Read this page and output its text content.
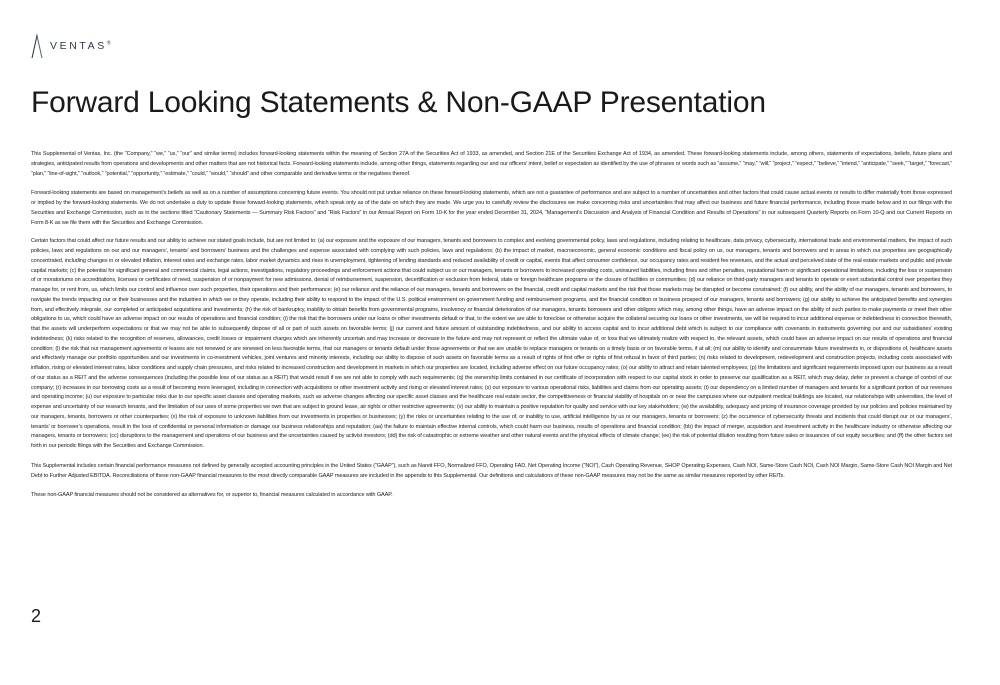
VENTAS®
Forward Looking Statements & Non-GAAP Presentation

This Supplemental of Ventas, Inc. (the “Company,” “we,” “us,” “our” and similar terms) includes forward-looking statements within the meaning of Section 27A of the Securities Act of 1933, as amended, and Section 21E of the Securities Exchange Act of 1934, as amended. These forward-looking statements include, among others, statements of expectations, beliefs, future plans and strategies, anticipated results from operations and developments and other matters that are not historical facts. Forward-looking statements include, among other things, statements regarding our and our officers’ intent, belief or expectation as identified by the use of phrases or words such as “assume,” “may,” “will,” “project,” “expect,” “believe,” “intend,” “anticipate,” “seek,” “target,” “forecast,” “plan,” “line-of-sight,” “outlook,” “potential,” “opportunity,” “estimate,” “could,” “would,” “should” and other comparable and derivative terms or the negatives thereof.

Forward-looking statements are based on management’s beliefs as well as on a number of assumptions concerning future events. You should not put undue reliance on these forward-looking statements, which are not a guarantee of performance and are subject to a number of uncertainties and other factors that could cause actual events or results to differ materially from those expressed or implied by the forward-looking statements. We do not undertake a duty to update these forward-looking statements, which speak only as of the date on which they are made. We urge you to carefully review the disclosures we make concerning risks and uncertainties that may affect our business and future financial performance, including those made below and in our filings with the Securities and Exchange Commission, such as in the sections titled “Cautionary Statements — Summary Risk Factors” and “Risk Factors” in our Annual Report on Form 10-K for the year ended December 31, 2024, “Management’s Discussion and Analysis of Financial Condition and Results of Operations” in our subsequent Quarterly Reports on Form 10-Q and our Current Reports on Form 8-K as we file them with the Securities and Exchange Commission.

Certain factors that could affect our future results and our ability to achieve our stated goals include, but are not limited to: (a) our exposure and the exposure of our managers, tenants and borrowers to complex and evolving governmental policy, laws and regulations, including relating to healthcare, data privacy, cybersecurity, international trade and environmental matters, the impact of such policies, laws and regulations on our and our managers’, tenants’ and borrowers’ business and the challenges and expense associated with complying with such policies, laws and regulations; (b) the impact of market, macroeconomic, general economic conditions and fiscal policy on us, our managers, tenants and borrowers and in areas in which our properties are geographically concentrated, including changes in or elevated inflation, interest rates and exchange rates, labor market dynamics and rises in unemployment, tightening of lending standards and reduced availability of credit or capital, events that affect consumer confidence, our occupancy rates and resident fee revenues, and the actual and perceived state of the real estate markets and public and private capital markets; (c) the potential for significant general and commercial claims, legal actions, investigations, regulatory proceedings and enforcement actions that could subject us or our managers, tenants or borrowers to increased operating costs, uninsured liabilities, including fines and other penalties, reputational harm or significant operational limitations, including the loss or suspension of or moratoriums on accreditations, licenses or certificates of need, suspension of or nonpayment for new admissions, denial of reimbursement, suspension, decertification or exclusion from federal, state or foreign healthcare programs or the closure of facilities or communities; (d) our reliance on third-party managers and tenants to operate or exert substantial control over properties they manage for, or rent from, us, which limits our control and influence over such properties, their operations and their performance; (e) our reliance and the reliance of our managers, tenants and borrowers on the financial, credit and capital markets and the risk that those markets may be disrupted or become constrained; (f) our ability, and the ability of our managers, tenants and borrowers, to navigate the trends impacting our or their businesses and the industries in which we or they operate, including their ability to respond to the impact of the U.S. political environment on government funding and reimbursement programs, and the financial condition or business prospect of our managers, tenants and borrowers; (g) our ability to achieve the anticipated benefits and synergies from, and effectively integrate, our completed or anticipated acquisitions and investments; (h) the risk of bankruptcy, inability to obtain benefits from governmental programs, insolvency or financial deterioration of our managers, tenants borrowers and other obligors which may, among other things, have an adverse impact on the ability of such parties to make payments or meet their other obligations to us, which could have an adverse impact on our results of operations and financial condition; (i) the risk that the borrowers under our loans or other investments default or that, to the extent we are able to foreclose or otherwise acquire the collateral securing our loans or other investments, we will be required to incur additional expense or indebtedness in connection therewith, that the assets will underperform expectations or that we may not be able to subsequently dispose of all or part of such assets on favorable terms; (j) our current and future amount of outstanding indebtedness, and our ability to access capital and to incur additional debt which is subject to our compliance with covenants in instruments governing our and our subsidiaries’ existing indebtedness; (k) risks related to the recognition of reserves, allowances, credit losses or impairment charges which are inherently uncertain and may increase or decrease in the future and may not represent or reflect the ultimate value of, or loss that we ultimately realize with respect to, the relevant assets, which could have an adverse impact on our results of operations and financial condition; (l) the risk that our management agreements or leases are not renewed or are renewed on less favorable terms, that our managers or tenants default under those agreements or that we are unable to replace managers or tenants on a timely basis or on favorable terms, if at all; (m) our ability to identify and consummate future investments in, or dispositions of, healthcare assets and effectively manage our portfolio opportunities and our investments in co-investment vehicles, joint ventures and minority interests, including our ability to dispose of such assets on favorable terms as a result of rights of first offer or rights of first refusal in favor of third parties; (n) risks related to development, redevelopment and construction projects, including costs associated with inflation, rising or elevated interest rates, labor conditions and supply chain pressures, and risks related to increased construction and development in markets in which our properties are located, including adverse effect on our future occupancy rates; (o) our ability to attract and retain talented employees; (p) the limitations and significant requirements imposed upon our business as a result of our status as a REIT and the adverse consequences (including the possible loss of our status as a REIT) that would result if we are not able to comply with such requirements; (q) the ownership limits contained in our certificate of incorporation with respect to our capital stock in order to preserve our qualification as a REIT, which may delay, defer or prevent a change of control of our company; (r) increases in our borrowing costs as a result of becoming more leveraged, including in connection with acquisitions or other investment activity and rising or elevated interest rates; (s) our exposure to various operational risks, liabilities and claims from our operating assets; (t) our dependency on a limited number of managers and tenants for a significant portion of our revenues and operating income; (u) our exposure to particular risks due to our specific asset classes and operating markets, such as adverse changes affecting our specific asset classes and the healthcare real estate sector, the competitiveness or financial viability of hospitals on or near the campuses where our outpatient medical buildings are located, our relationships with universities, the level of expense and uncertainty of our research tenants, and the limitation of our uses of some properties we own that are subject to ground lease, air rights or other restrictive agreements; (v) our ability to maintain a positive reputation for quality and service with our key stakeholders; (w) the availability, adequacy and pricing of insurance coverage provided by our policies and policies maintained by our managers, tenants, borrowers or other counterparties; (x) the risk of exposure to unknown liabilities from our investments in properties or businesses; (y) the risks or uncertainties relating to the use of, or inability to use, artificial intelligence by us or our managers, tenants or borrowers; (z) the occurrence of cybersecurity threats and incidents that could disrupt our or our managers’, tenants’ or borrower’s operations, result in the loss of confidential or personal information or damage our business relationships and reputation; (aa) the failure to maintain effective internal controls, which could harm our business, results of operations and financial condition; (bb) the impact of merger, acquisition and investment activity in the healthcare industry or otherwise affecting our managers, tenants or borrowers; (cc) disruptions to the management and operations of our business and the uncertainties caused by activist investors; (dd) the risk of catastrophic or extreme weather and other natural events and the physical effects of climate change; (ee) the risk of potential dilution resulting from future sales or issuances of our equity securities; and (ff) the other factors set forth in our periodic filings with the Securities and Exchange Commission.

This Supplemental includes certain financial performance measures not defined by generally accepted accounting principles in the United States (“GAAP”), such as Nareit FFO, Normalized FFO, Operating FAD, Net Operating Income (“NOI”), Cash Operating Revenue, SHOP Operating Expenses, Cash NOI, Same-Store Cash NOI, Cash NOI Margin, Same-Store Cash NOI Margin and Net Debt to Further Adjusted EBITDA. Reconciliations of these non-GAAP financial measures to the most directly comparable GAAP measures are included in the appendix to this Supplemental. Our definitions and calculations of these non-GAAP measures may not be the same as similar measures reported by other REITs.

These non-GAAP financial measures should not be considered as alternatives for, or superior to, financial measures calculated in accordance with GAAP.

2
